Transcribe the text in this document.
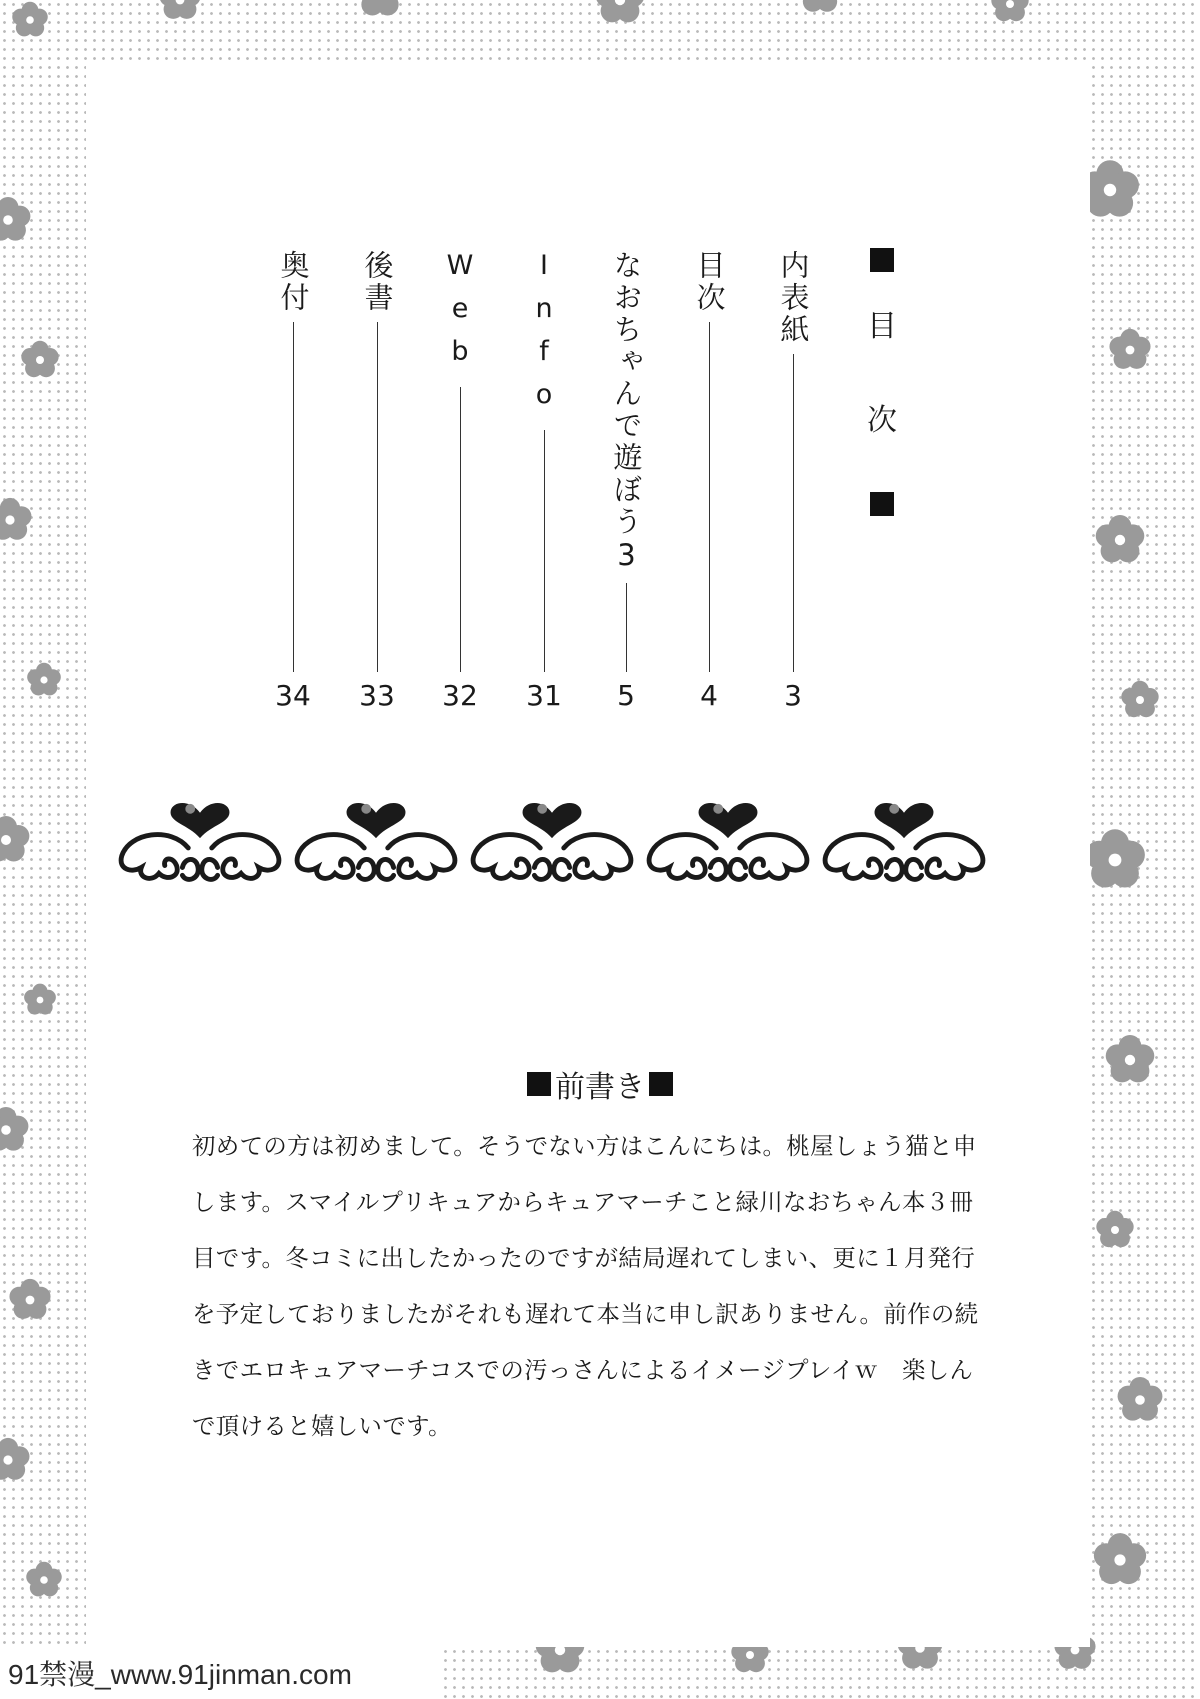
目
次
内表紙
3
目次
4
なおちゃんで遊ぼう3
5
Info
31
Web
32
後書
33
奥付
34
前書き

初めての方は初めまして。そうでない方はこんにちは。桃屋しょう猫と申

します。スマイルプリキュアからキュアマーチこと緑川なおちゃん本３冊

目です。冬コミに出したかったのですが結局遅れてしまい、更に１月発行

を予定しておりましたがそれも遅れて本当に申し訳ありません。前作の続

きでエロキュアマーチコスでの汚っさんによるイメージプレイｗ　楽しん

で頂けると嬉しいです。

91禁漫_www.91jinman.com
